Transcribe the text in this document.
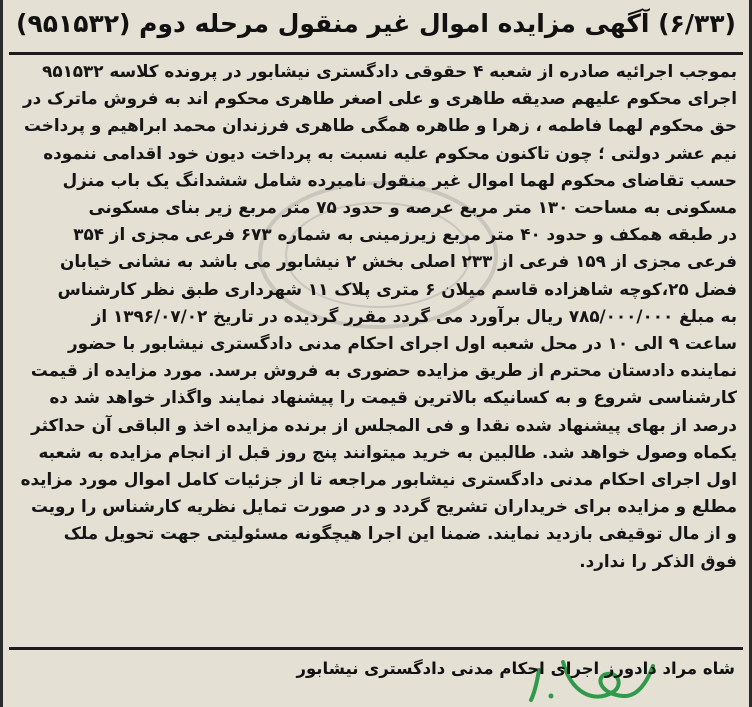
(۶/۳۳) آگهی مزایده اموال غیر منقول مرحله دوم (۹۵۱۵۳۲)
بموجب اجرائیه صادره از شعبه ۴ حقوقی دادگستری نیشابور در پرونده کلاسه ۹۵۱۵۳۲
اجرای محکوم علیهم صدیقه طاهری و علی اصغر طاهری محکوم اند به فروش ماترک در
حق محکوم لهما فاطمه ، زهرا و طاهره همگی طاهری فرزندان محمد ابراهیم و پرداخت
نیم عشر دولتی ؛ چون تاکنون محکوم علیه نسبت به پرداخت دیون خود اقدامی ننموده
حسب تقاضای محکوم لهما اموال غیر منقول نامبرده شامل ششدانگ یک باب منزل
مسکونی به مساحت ۱۳۰ متر مربع عرصه و حدود ۷۵ متر مربع زیر بنای مسکونی
در طبقه همکف و حدود ۴۰ متر مربع زیرزمینی به شماره ۶۷۳ فرعی مجزی از ۳۵۴
فرعی مجزی از ۱۵۹ فرعی از ۲۳۳ اصلی بخش ۲ نیشابور می باشد به نشانی خیابان
فضل ۲۵،کوچه شاهزاده قاسم میلان ۶ متری پلاک ۱۱ شهرداری طبق نظر کارشناس
به مبلغ ۷۸۵/۰۰۰/۰۰۰ ریال برآورد می گردد مقرر گردیده در تاریخ ۱۳۹۶/۰۷/۰۲ از
ساعت ۹ الی ۱۰ در محل شعبه اول اجرای احکام مدنی دادگستری نیشابور با حضور
نماینده دادستان محترم از طریق مزایده حضوری به فروش برسد. مورد مزایده از قیمت
کارشناسی شروع و به کسانیکه بالاترین قیمت را پیشنهاد نمایند واگذار خواهد شد ده
درصد از بهای پیشنهاد شده نقدا و فی المجلس از برنده مزایده اخذ و الباقی آن حداکثر
یکماه وصول خواهد شد. طالبین به خرید میتوانند پنج روز قبل از انجام مزایده به شعبه
اول اجرای احکام مدنی دادگستری نیشابور مراجعه تا از جزئیات کامل اموال مورد مزایده
مطلع و مزایده برای خریداران تشریح گردد و در صورت تمایل نظریه کارشناس را رویت
و از مال توقیفی بازدید نمایند. ضمنا این اجرا هیچگونه مسئولیتی جهت تحویل ملک
فوق الذکر را ندارد.
شاه مراد دادورز اجرای احکام مدنی دادگستری نیشابور
